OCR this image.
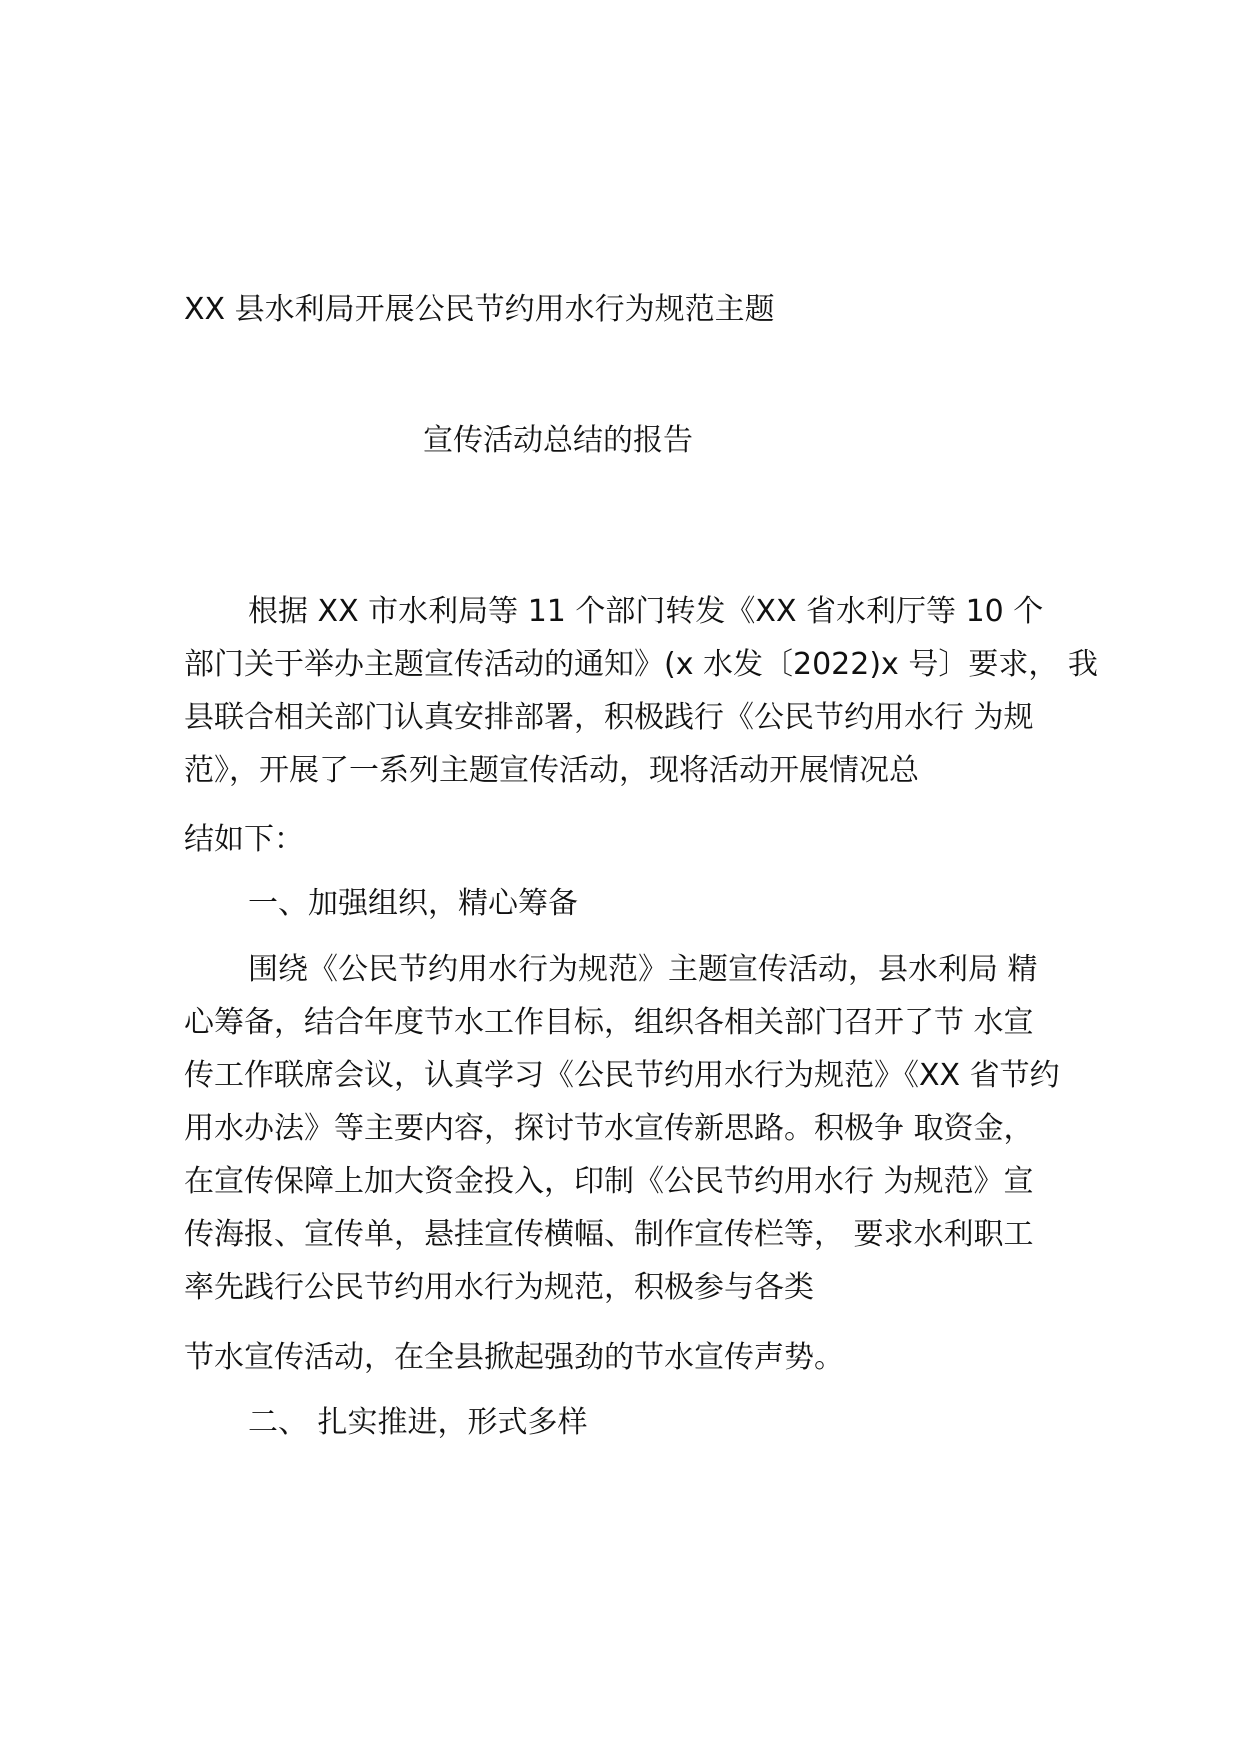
XX 县水利局开展公民节约用水行为规范主题
宣传活动总结的报告
根据 XX 市水利局等 11 个部门转发《XX 省水利厅等 10 个
部门关于举办主题宣传活动的通知》(x 水发〔2022)x 号〕要求， 我
县联合相关部门认真安排部署，积极践行《公民节约用水行 为规
范》，开展了一系列主题宣传活动，现将活动开展情况总
结如下：
一、加强组织，精心筹备
围绕《公民节约用水行为规范》主题宣传活动，县水利局 精
心筹备，结合年度节水工作目标，组织各相关部门召开了节 水宣
传工作联席会议，认真学习《公民节约用水行为规范》《XX 省节约
用水办法》等主要内容，探讨节水宣传新思路。积极争 取资金，
在宣传保障上加大资金投入，印制《公民节约用水行 为规范》宣
传海报、宣传单，悬挂宣传横幅、制作宣传栏等， 要求水利职工
率先践行公民节约用水行为规范，积极参与各类
节水宣传活动，在全县掀起强劲的节水宣传声势。
二、 扎实推进，形式多样
